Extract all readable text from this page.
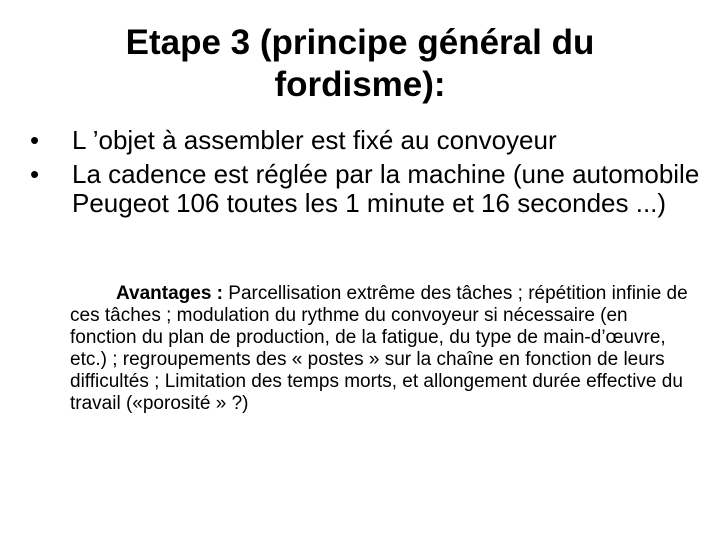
Etape 3 (principe général du fordisme):
• L ’objet à assembler est fixé au convoyeur
• La cadence est réglée par la machine (une automobile Peugeot 106 toutes les 1 minute et 16 secondes ...)
Avantages : Parcellisation extrême des tâches ; répétition infinie de ces tâches ; modulation du rythme du convoyeur si nécessaire (en fonction du plan de production, de la fatigue, du type de main-d’œuvre, etc.) ; regroupements des « postes » sur la chaîne en fonction de leurs difficultés ; Limitation des temps morts, et allongement durée effective du travail («porosité » ?)
